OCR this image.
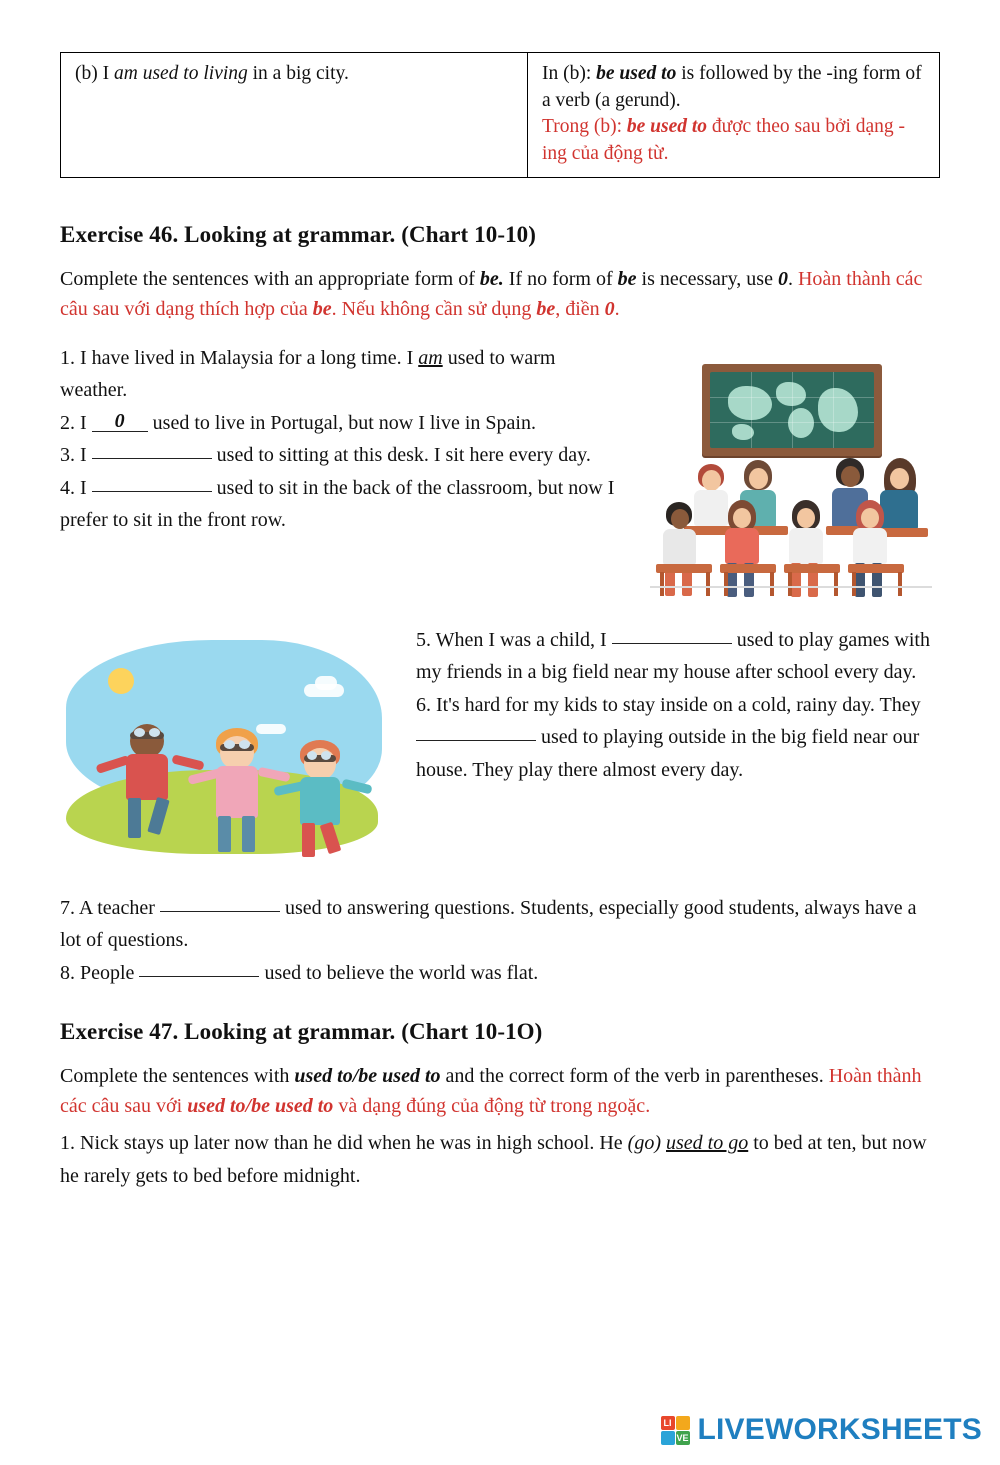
(b) I am used to living in a big city.	In (b): be used to is followed by the -ing form of a verb (a gerund).
Trong (b): be used to được theo sau bởi dạng -ing của động từ.
Exercise 46. Looking at grammar. (Chart 10-10)

Complete the sentences with an appropriate form of be. If no form of be is necessary, use 0. Hoàn thành các câu sau với dạng thích hợp của be. Nếu không cần sử dụng be, điền 0.

1. I have lived in Malaysia for a long time. I am used to warm weather.
2. I 0 used to live in Portugal, but now I live in Spain.
3. I	used to sitting at this desk. I sit here every day.
4. I	used to sit in the back of the classroom, but now I prefer to sit in the front row.
5. When I was a child, I	used to play games with my friends in a big field near my house after school every day.
6. It's hard for my kids to stay inside on a cold, rainy day. They  used to playing outside in the big field near our house. They play there almost every day.
7. A teacher	used to answering questions. Students, especially good students, always have a lot of questions.
8. People	used to believe the world was flat.
Exercise 47. Looking at grammar. (Chart 10-1O)

Complete the sentences with used to/be used to and the correct form of the verb in parentheses. Hoàn thành các câu sau với used to/be used to và dạng đúng của động từ trong ngoặc.

1. Nick stays up later now than he did when he was in high school. He (go) used to go to bed at ten, but now he rarely gets to bed before midnight.
LI
VE LIVEWORKSHEETS
